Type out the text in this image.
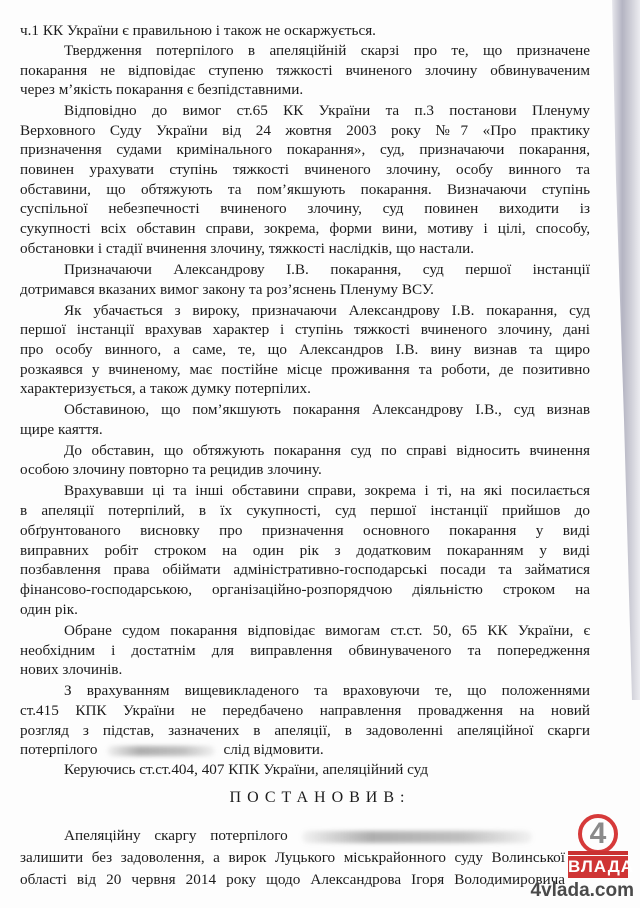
ч.1 КК України є правильною і також не оскаржується.
Твердження потерпілого в апеляційній скарзі про те, що призначене
покарання не відповідає ступеню тяжкості вчиненого злочину обвинуваченим
через м’якість покарання є безпідставними.
Відповідно до вимог ст.65 КК України та п.3 постанови Пленуму
Верховного Суду України від 24 жовтня 2003 року №7 «Про практику
призначення судами кримінального покарання», суд, призначаючи покарання,
повинен урахувати ступінь тяжкості вчиненого злочину, особу винного та
обставини, що обтяжують та пом’якшують покарання. Визначаючи ступінь
суспільної небезпечності вчиненого злочину, суд повинен виходити із
сукупності всіх обставин справи, зокрема, форми вини, мотиву і цілі, способу,
обстановки і стадії вчинення злочину, тяжкості наслідків, що настали.
Призначаючи Александрову І.В. покарання, суд першої інстанції
дотримався вказаних вимог закону та роз’яснень Пленуму ВСУ.
Як убачається з вироку, призначаючи Александрову І.В. покарання, суд
першої інстанції врахував характер і ступінь тяжкості вчиненого злочину, дані
про особу винного, а саме, те, що Александров І.В. вину визнав та щиро
розкаявся у вчиненому, має постійне місце проживання та роботи, де позитивно
характеризується, а також думку потерпілих.
Обставиною, що пом’якшують покарання Александрову І.В., суд визнав
щире каяття.
До обставин, що обтяжують покарання суд по справі відносить вчинення
особою злочину повторно та рецидив злочину.
Врахувавши ці та інші обставини справи, зокрема і ті, на які посилається
в апеляції потерпілий, в їх сукупності, суд першої інстанції прийшов до
обґрунтованого висновку про призначення основного покарання у виді
виправних робіт строком на один рік з додатковим покаранням у виді
позбавлення права обіймати адміністративно-господарські посади та займатися
фінансово-господарською, організаційно-розпорядчою діяльністю строком на
один рік.
Обране судом покарання відповідає вимогам ст.ст. 50, 65 КК України, є
необхідним і достатнім для виправлення обвинуваченого та попередження
нових злочинів.
З врахуванням вищевикладеного та враховуючи те, що положеннями
ст.415 КПК України не передбачено направлення провадження на новий
розгляд з підстав, зазначених в апеляції, в задоволенні апеляційної скарги
потерпілого	слід відмовити.
Керуючись ст.ст.404, 407 КПК України, апеляційний суд
ПОСТАНОВИВ:
Апеляційну скаргу потерпілого
залишити без задоволення, а вирок Луцького міськрайонного суду Волинської
області від 20 червня 2014 року щодо Александрова Ігоря Володимировича
4
ВЛАДА
4vlada.com
